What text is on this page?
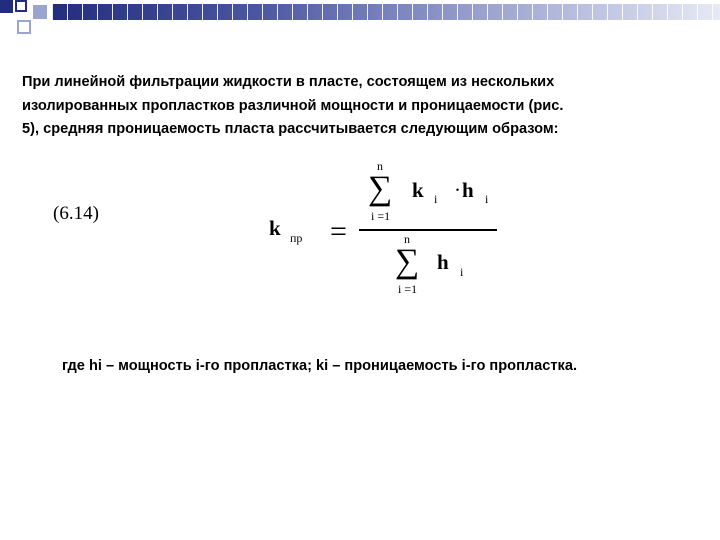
При линейной фильтрации жидкости в пласте, состоящем из нескольких
изолированных пропластков различной мощности и проницаемости (рис.
5), средняя проницаемость пласта рассчитывается следующим образом:
(6.14)
k пр =
n
∑
i =1
k i · h i
n
∑
i =1
h i
где hi – мощность i-го пропластка; ki – проницаемость i-го пропластка.
